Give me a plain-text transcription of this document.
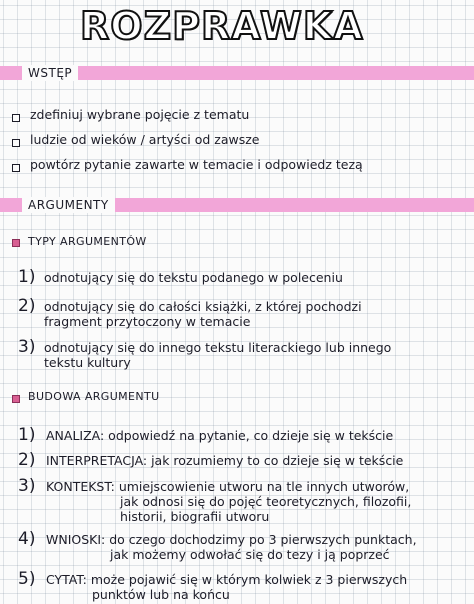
ROZPRAWKA
WSTĘP
zdefiniuj wybrane pojęcie z tematu
ludzie od wieków / artyści od zawsze
powtórz pytanie zawarte w temacie i odpowiedz tezą
ARGUMENTY
TYPY ARGUMENTÓW
1) odnotujący się do tekstu podanego w poleceniu
2) odnotujący się do całości książki, z której pochodzi
fragment przytoczony w temacie
3) odnotujący się do innego tekstu literackiego lub innego
tekstu kultury
BUDOWA ARGUMENTU
1) ANALIZA: odpowiedź na pytanie, co dzieje się w tekście
2) INTERPRETACJA: jak rozumiemy to co dzieje się w tekście
3) KONTEKST: umiejscowienie utworu na tle innych utworów,
jak odnosi się do pojęć teoretycznych, filozofii,
historii, biografii utworu
4) WNIOSKI: do czego dochodzimy po 3 pierwszych punktach,
jak możemy odwołać się do tezy i ją poprzeć
5) CYTAT: może pojawić się w którym kolwiek z 3 pierwszych
punktów lub na końcu
